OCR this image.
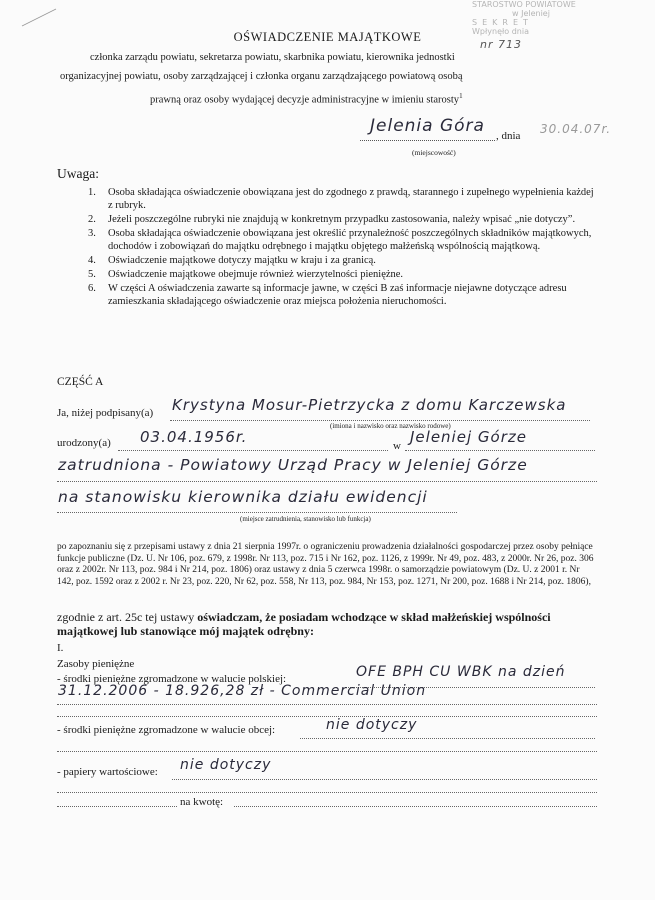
STAROSTWO POWIATOWE
w Jeleniej
SEKRET
Wpłynęło dnia
nr 713
OŚWIADCZENIE MAJĄTKOWE
członka zarządu powiatu, sekretarza powiatu, skarbnika powiatu, kierownika jednostki
organizacyjnej powiatu, osoby zarządzającej i członka organu zarządzającego powiatową osobą
prawną oraz osoby wydającej decyzje administracyjne w imieniu starosty$^1$
Jelenia Góra	, dnia 30.04.07r.
(miejscowość)
Uwaga:
1.	Osoba składająca oświadczenie obowiązana jest do zgodnego z prawdą, starannego i zupełnego wypełnienia każdej z rubryk.
2.	Jeżeli poszczególne rubryki nie znajdują w konkretnym przypadku zastosowania, należy wpisać „nie dotyczy”.
3.	Osoba składająca oświadczenie obowiązana jest określić przynależność poszczególnych składników majątkowych, dochodów i zobowiązań do majątku odrębnego i majątku objętego małżeńską wspólnością majątkową.
4.	Oświadczenie majątkowe dotyczy majątku w kraju i za granicą.
5.	Oświadczenie majątkowe obejmuje również wierzytelności pieniężne.
6.	W części A oświadczenia zawarte są informacje jawne, w części B zaś informacje niejawne dotyczące adresu zamieszkania składającego oświadczenie oraz miejsca położenia nieruchomości.
CZĘŚĆ A
Ja, niżej podpisany(a) Krystyna Mosur-Pietrzycka z domu Karczewska
(imiona i nazwisko oraz nazwisko rodowe)
urodzony(a) 03.04.1956r.	w Jeleniej Górze
zatrudniona - Powiatowy Urząd Pracy w Jeleniej Górze
na stanowisku kierownika działu ewidencji
(miejsce zatrudnienia, stanowisko lub funkcja)
po zapoznaniu się z przepisami ustawy z dnia 21 sierpnia 1997r. o ograniczeniu prowadzenia działalności gospodarczej przez osoby pełniące funkcje publiczne (Dz. U. Nr 106, poz. 679, z 1998r. Nr 113, poz. 715 i Nr 162, poz. 1126, z 1999r. Nr 49, poz. 483, z 2000r. Nr 26, poz. 306 oraz z 2002r. Nr 113, poz. 984 i Nr 214, poz. 1806) oraz ustawy z dnia 5 czerwca 1998r. o samorządzie powiatowym (Dz. U. z 2001 r. Nr 142, poz. 1592 oraz z 2002 r. Nr 23, poz. 220, Nr 62, poz. 558, Nr 113, poz. 984, Nr 153, poz. 1271, Nr 200, poz. 1688 i Nr 214, poz. 1806),
zgodnie z art. 25c tej ustawy oświadczam, że posiadam wchodzące w skład małżeńskiej wspólności majątkowej lub stanowiące mój majątek odrębny:
I.
Zasoby pieniężne
- środki pieniężne zgromadzone w walucie polskiej:	OFE BPH CU WBK na dzień
31.12.2006 - 18.926,28 zł - Commercial Union
- środki pieniężne zgromadzone w walucie obcej:	nie dotyczy
- papiery wartościowe: nie dotyczy
na kwotę:
